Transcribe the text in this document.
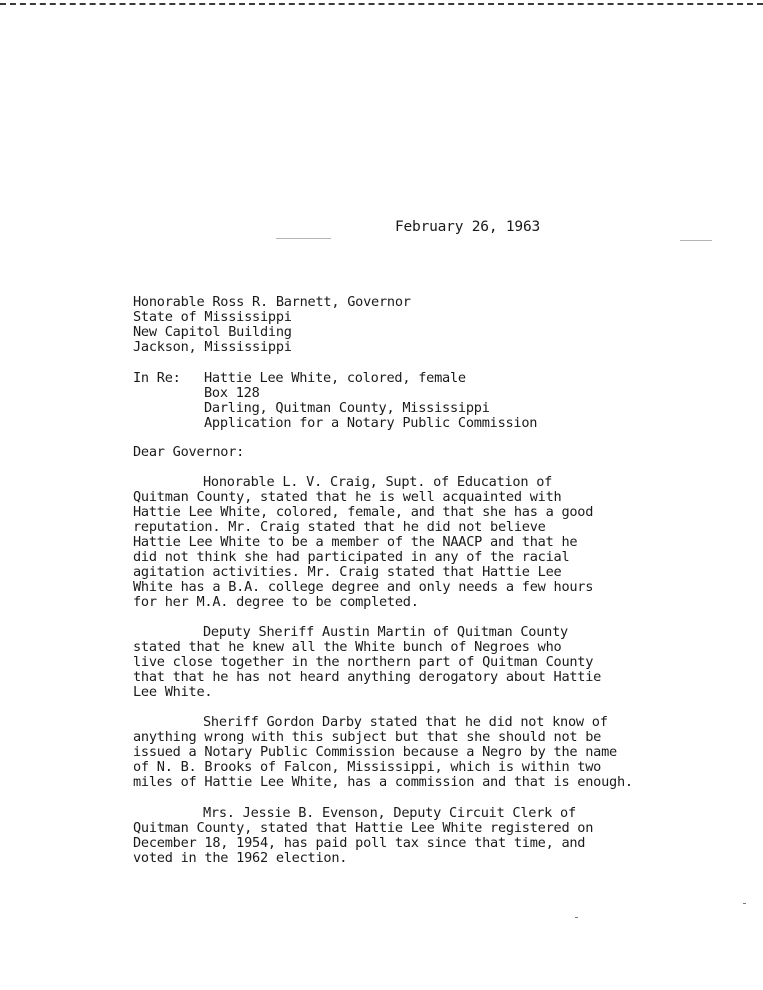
February 26, 1963
Honorable Ross R. Barnett, Governor
State of Mississippi
New Capitol Building
Jackson, Mississippi
In Re: Hattie Lee White, colored, female
Box 128
Darling, Quitman County, Mississippi
Application for a Notary Public Commission
Dear Governor:
Honorable L. V. Craig, Supt. of Education of
Quitman County, stated that he is well acquainted with
Hattie Lee White, colored, female, and that she has a good
reputation. Mr. Craig stated that he did not believe
Hattie Lee White to be a member of the NAACP and that he
did not think she had participated in any of the racial
agitation activities. Mr. Craig stated that Hattie Lee
White has a B.A. college degree and only needs a few hours
for her M.A. degree to be completed.
Deputy Sheriff Austin Martin of Quitman County
stated that he knew all the White bunch of Negroes who
live close together in the northern part of Quitman County
that that he has not heard anything derogatory about Hattie
Lee White.
Sheriff Gordon Darby stated that he did not know of
anything wrong with this subject but that she should not be
issued a Notary Public Commission because a Negro by the name
of N. B. Brooks of Falcon, Mississippi, which is within two
miles of Hattie Lee White, has a commission and that is enough.
Mrs. Jessie B. Evenson, Deputy Circuit Clerk of
Quitman County, stated that Hattie Lee White registered on
December 18, 1954, has paid poll tax since that time, and
voted in the 1962 election.
